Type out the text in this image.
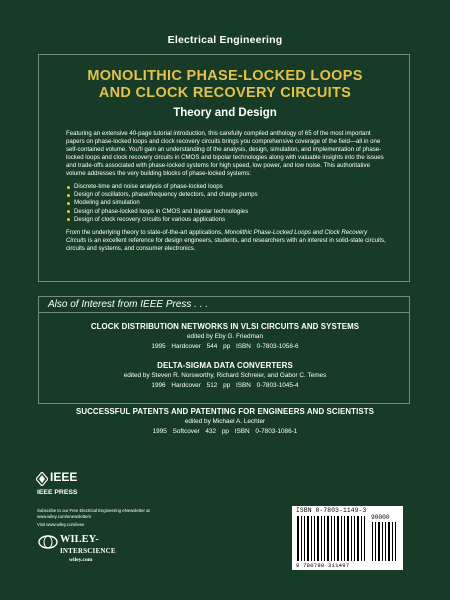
Electrical Engineering
MONOLITHIC PHASE-LOCKED LOOPS
AND CLOCK RECOVERY CIRCUITS
Theory and Design

Featuring an extensive 40-page tutorial introduction, this carefully compiled anthology of 65 of the most important papers on phase-locked loops and clock recovery circuits brings you comprehensive coverage of the field—all in one self-contained volume. You'll gain an understanding of the analysis, design, simulation, and implementation of phase-locked loops and clock recovery circuits in CMOS and bipolar technologies along with valuable insights into the issues and trade-offs associated with phase-locked systems for high speed, low power, and low noise. This authoritative volume addresses the very building blocks of phase-locked systems:

Discrete-time and noise analysis of phase-locked loops
Design of oscillators, phase/frequency detectors, and charge pumps
Modeling and simulation
Design of phase-locked loops in CMOS and bipolar technologies
Design of clock recovery circuits for various applications

From the underlying theory to state-of-the-art applications, Monolithic Phase-Locked Loops and Clock Recovery Circuits is an excellent reference for design engineers, students, and researchers with an interest in solid-state circuits, circuits and systems, and consumer electronics.

Also of Interest from IEEE Press . . .
CLOCK DISTRIBUTION NETWORKS IN VLSI CIRCUITS AND SYSTEMS
edited by Eby G. Friedman
1995 Hardcover 544 pp ISBN 0-7803-1058-6
DELTA-SIGMA DATA CONVERTERS
edited by Steven R. Norsworthy, Richard Schreier, and Gabor C. Temes
1996 Hardcover 512 pp ISBN 0-7803-1045-4
SUCCESSFUL PATENTS AND PATENTING FOR ENGINEERS AND SCIENTISTS
edited by Michael A. Lechter
1995 Softcover 432 pp ISBN 0-7803-1086-1
IEEE
IEEE PRESS
Subscribe to our Free Electrical Engineering eNewsletter at
www.wiley.com/enewsletters
Visit www.wiley.com/ieee
WILEY-
INTERSCIENCE
wiley.com
ISBN 0-7803-1149-3
90000
9 780780 311497
